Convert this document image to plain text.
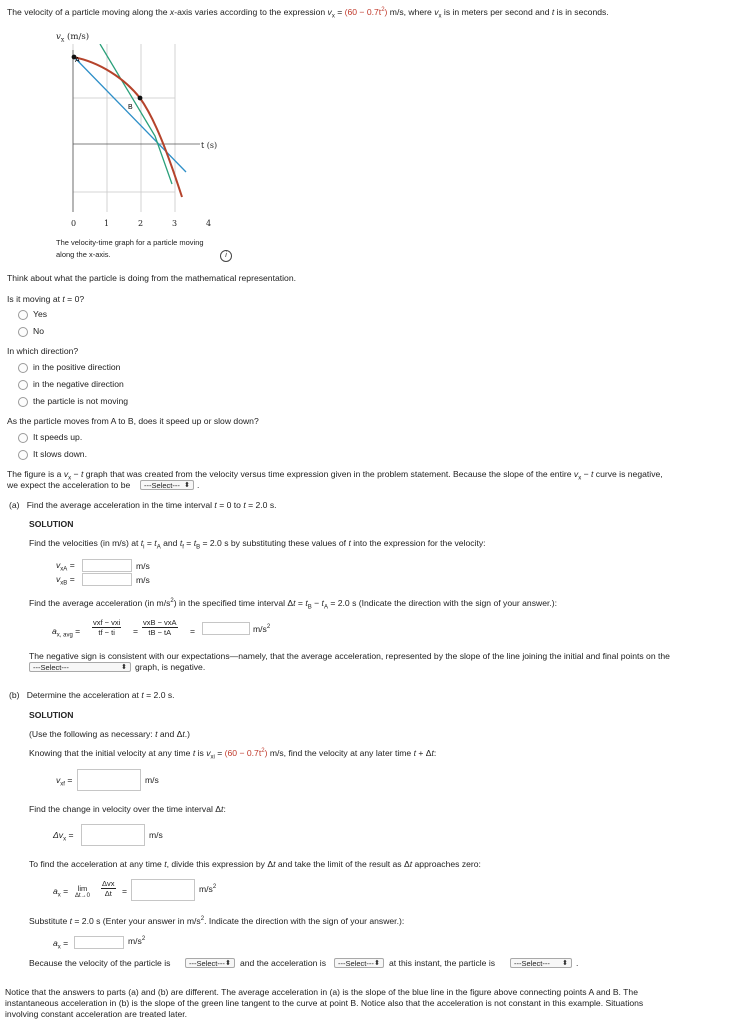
The velocity of a particle moving along the x-axis varies according to the expression $v_x = (60 - 0.7t^2)$ m/s, where $v_x$ is in meters per second and t is in seconds.
$v_x$ (m/s)
A
B
t (s)
0	1	2	3	4
The velocity-time graph for a particle moving
along the x-axis.	i
Think about what the particle is doing from the mathematical representation.
Is it moving at t = 0?
Yes
No
In which direction?
in the positive direction
in the negative direction
the particle is not moving
As the particle moves from A to B, does it speed up or slow down?
It speeds up.
It slows down.
The figure is a $v_x - t$ graph that was created from the velocity versus time expression given in the problem statement. Because the slope of the entire $v_x - t$ curve is negative,
we expect the acceleration to be	---Select--- ⬍ .
(a) Find the average acceleration in the time interval t = 0 to t = 2.0 s.
SOLUTION
Find the velocities (in m/s) at $t_i = t_A$ and $t_f = t_B = 2.0$ s by substituting these values of t into the expression for the velocity:
$v_{xA}$ =	m/s
$v_{xB}$ =	m/s
Find the average acceleration (in $m/s^2$) in the specified time interval $\Delta t = t_B - t_A = 2.0$ s (Indicate the direction with the sign of your answer.):
$a_{x, avg}$ =
vxf − vxi
tf − ti	=
vxB − vxA
tB − tA	=	$m/s^2$
The negative sign is consistent with our expectations—namely, that the average acceleration, represented by the slope of the line joining the initial and final points on the
---Select---	⬍ graph, is negative.
(b) Determine the acceleration at t = 2.0 s.
SOLUTION
(Use the following as necessary: t and Δt.)
Knowing that the initial velocity at any time t is $v_{xi} = (60 - 0.7t^2)$ m/s, find the velocity at any later time t + Δt:
$v_{xf}$ =	m/s
Find the change in velocity over the time interval Δt:
$\Delta v_x$ =	m/s
To find the acceleration at any time t, divide this expression by Δt and take the limit of the result as Δt approaches zero:
$a_x$ =	lim
Δt→0
Δvx
Δt	=	$m/s^2$
Substitute t = 2.0 s (Enter your answer in $m/s^2$. Indicate the direction with the sign of your answer.):
$a_x$ =	$m/s^2$
Because the velocity of the particle is	---Select--- ⬍ and the acceleration is	---Select--- ⬍ at this instant, the particle is	---Select--- ⬍ .
Notice that the answers to parts (a) and (b) are different. The average acceleration in (a) is the slope of the blue line in the figure above connecting points A and B. The
instantaneous acceleration in (b) is the slope of the green line tangent to the curve at point B. Notice also that the acceleration is not constant in this example. Situations
involving constant acceleration are treated later.
